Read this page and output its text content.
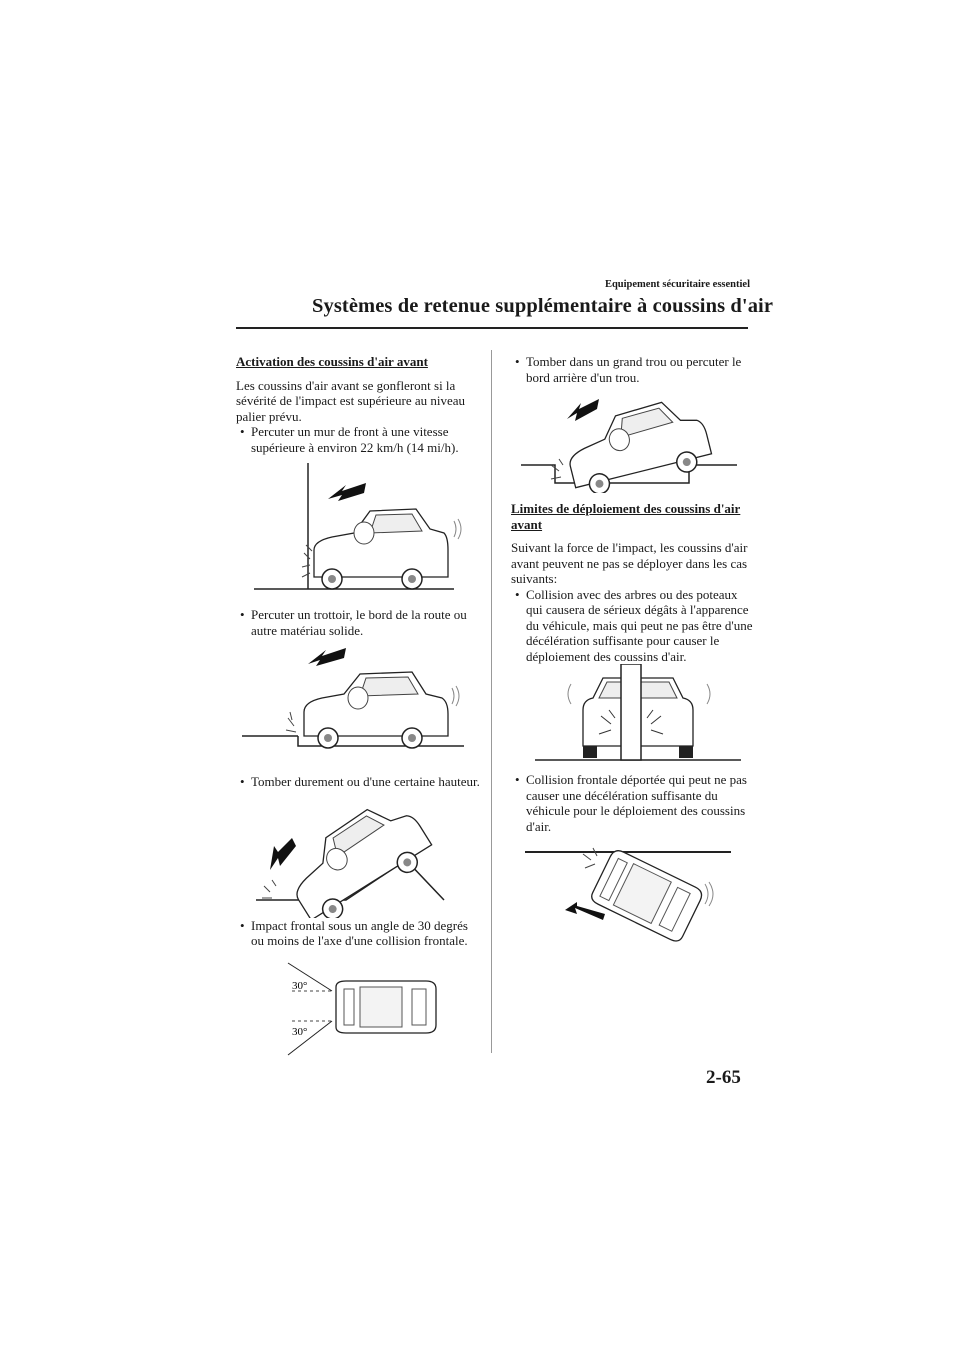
Equipement sécuritaire essentiel
Systèmes de retenue supplémentaire à coussins d'air
Activation des coussins d'air avant

Les coussins d'air avant se gonfleront si la sévérité de l'impact est supérieure au niveau palier prévu.

• Percuter un mur de front à une vitesse supérieure à environ 22 km/h (14 mi/h).
• Percuter un trottoir, le bord de la route ou autre matériau solide.
• Tomber durement ou d'une certaine hauteur.
• Impact frontal sous un angle de 30 degrés ou moins de l'axe d'une collision frontale.
30°
30°
• Tomber dans un grand trou ou percuter le bord arrière d'un trou.
Limites de déploiement des coussins d'air avant

Suivant la force de l'impact, les coussins d'air avant peuvent ne pas se déployer dans les cas suivants:

• Collision avec des arbres ou des poteaux qui causera de sérieux dégâts à l'apparence du véhicule, mais qui peut ne pas être d'une décélération suffisante pour causer le déploiement des coussins d'air.
• Collision frontale déportée qui peut ne pas causer une décélération suffisante du véhicule pour le déploiement des coussins d'air.
2-65
